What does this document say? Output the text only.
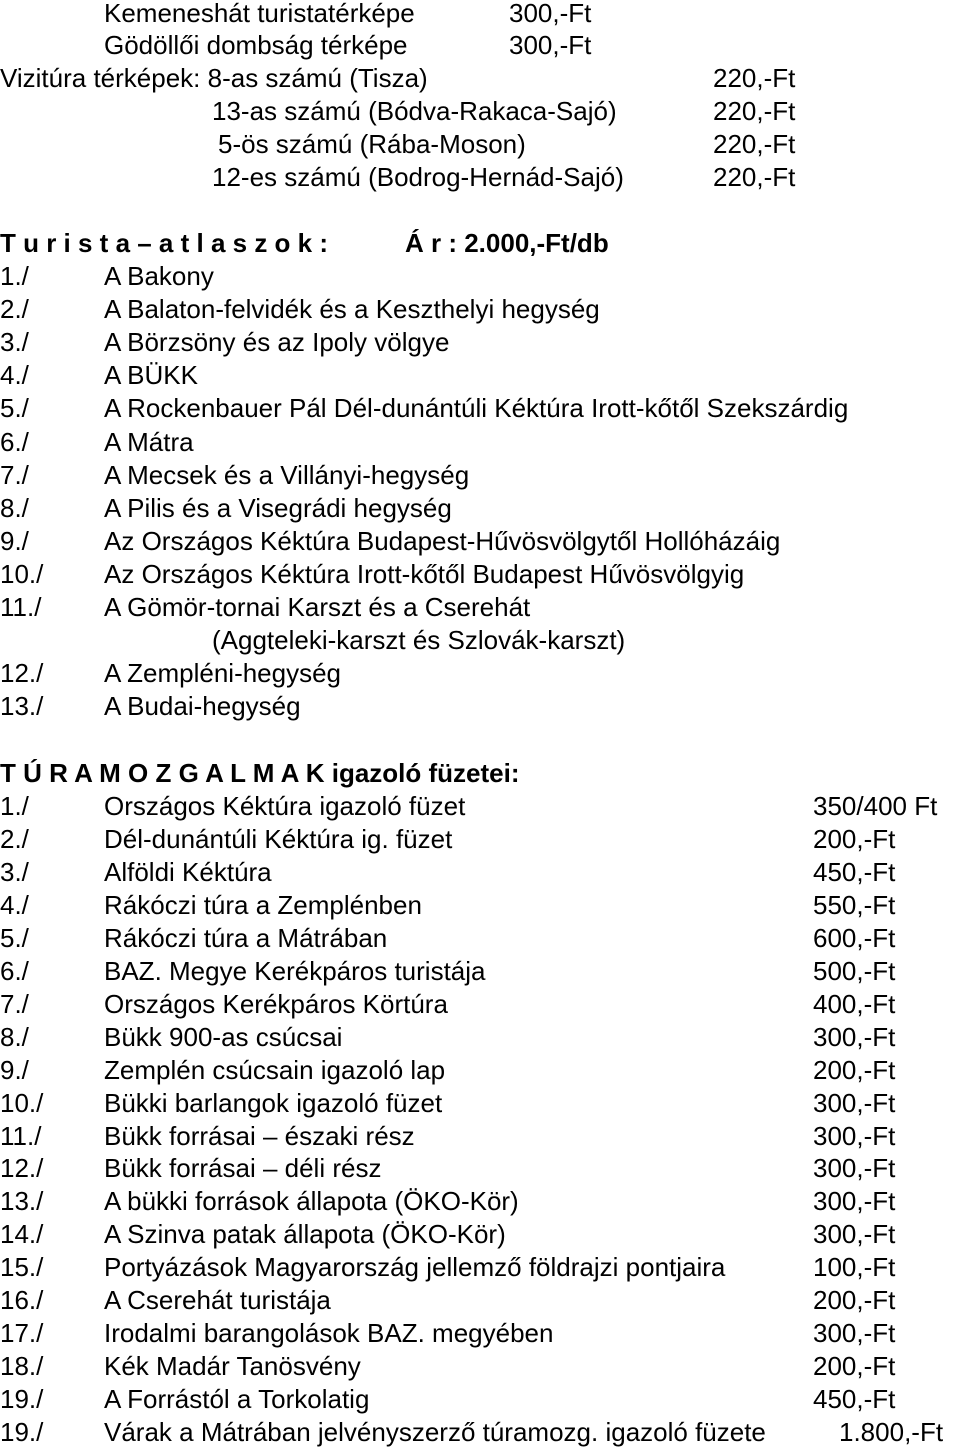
Kemeneshát turistatérképe	300,-Ft
Gödöllői dombság térképe	300,-Ft
Vizitúra térképek: 8-as számú (Tisza)	220,-Ft
13-as számú (Bódva-Rakaca-Sajó)	220,-Ft
5-ös számú (Rába-Moson)	220,-Ft
12-es számú (Bodrog-Hernád-Sajó)	220,-Ft
T u r i s t a – a t l a s z o k :	Á r : 2.000,-Ft/db
1./	A Bakony
2./	A Balaton-felvidék és a Keszthelyi hegység
3./	A Börzsöny és az Ipoly völgye
4./	A BÜKK
5./	A Rockenbauer Pál Dél-dunántúli Kéktúra Irott-kőtől Szekszárdig
6./	A Mátra
7./	A Mecsek és a Villányi-hegység
8./	A Pilis és a Visegrádi hegység
9./	Az Országos Kéktúra Budapest-Hűvösvölgytől Hollóházáig
10./ Az Országos Kéktúra Irott-kőtől Budapest Hűvösvölgyig
11./ A Gömör-tornai Karszt és a Cserehát
(Aggteleki-karszt és Szlovák-karszt)
12./ A Zempléni-hegység
13./ A Budai-hegység
T Ú R A M O Z G A L M A K igazoló füzetei:
1./	Országos Kéktúra igazoló füzet	350/400 Ft
2./	Dél-dunántúli Kéktúra ig. füzet	200,-Ft
3./	Alföldi Kéktúra	450,-Ft
4./	Rákóczi túra a Zemplénben	550,-Ft
5./	Rákóczi túra a Mátrában	600,-Ft
6./	BAZ. Megye Kerékpáros turistája	500,-Ft
7./	Országos Kerékpáros Körtúra	400,-Ft
8./	Bükk 900-as csúcsai	300,-Ft
9./	Zemplén csúcsain igazoló lap	200,-Ft
10./ Bükki barlangok igazoló füzet	300,-Ft
11./ Bükk forrásai – északi rész	300,-Ft
12./ Bükk forrásai – déli rész	300,-Ft
13./ A bükki források állapota (ÖKO-Kör)	300,-Ft
14./ A Szinva patak állapota (ÖKO-Kör)	300,-Ft
15./ Portyázások Magyarország jellemző földrajzi pontjaira	100,-Ft
16./ A Cserehát turistája	200,-Ft
17./ Irodalmi barangolások BAZ. megyében	300,-Ft
18./ Kék Madár Tanösvény	200,-Ft
19./ A Forrástól a Torkolatig	450,-Ft
19./ Várak a Mátrában jelvényszerző túramozg. igazoló füzete	1.800,-Ft
